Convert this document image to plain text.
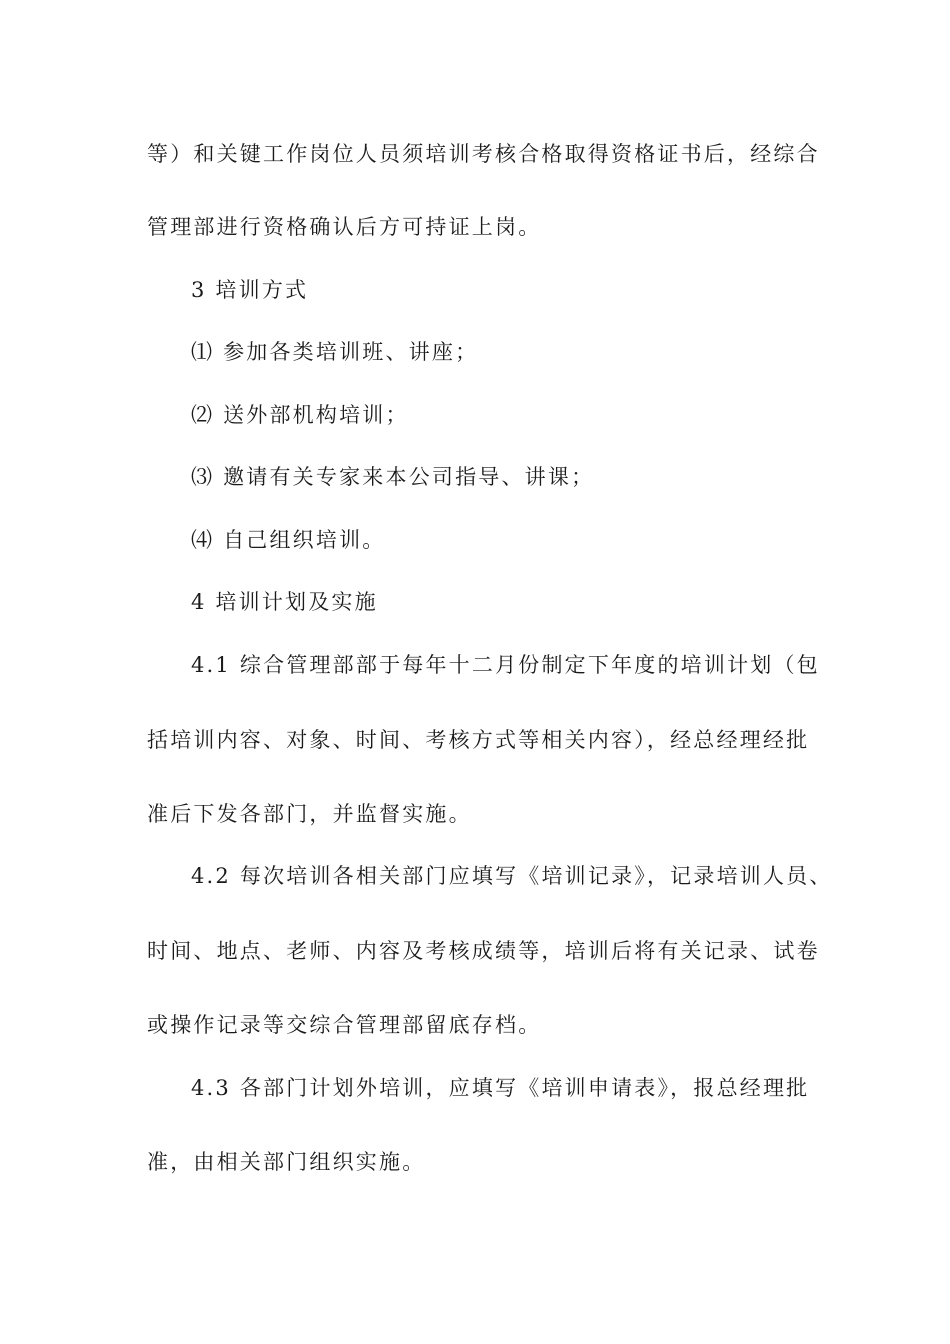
等）和关键工作岗位人员须培训考核合格取得资格证书后，经综合
管理部进行资格确认后方可持证上岗。
3 培训方式
⑴ 参加各类培训班、讲座；
⑵ 送外部机构培训；
⑶ 邀请有关专家来本公司指导、讲课；
⑷ 自己组织培训。
4 培训计划及实施
4.1 综合管理部部于每年十二月份制定下年度的培训计划（包
括培训内容、对象、时间、考核方式等相关内容），经总经理经批
准后下发各部门，并监督实施。
4.2 每次培训各相关部门应填写《培训记录》，记录培训人员、
时间、地点、老师、内容及考核成绩等，培训后将有关记录、试卷
或操作记录等交综合管理部留底存档。
4.3 各部门计划外培训，应填写《培训申请表》，报总经理批
准，由相关部门组织实施。
